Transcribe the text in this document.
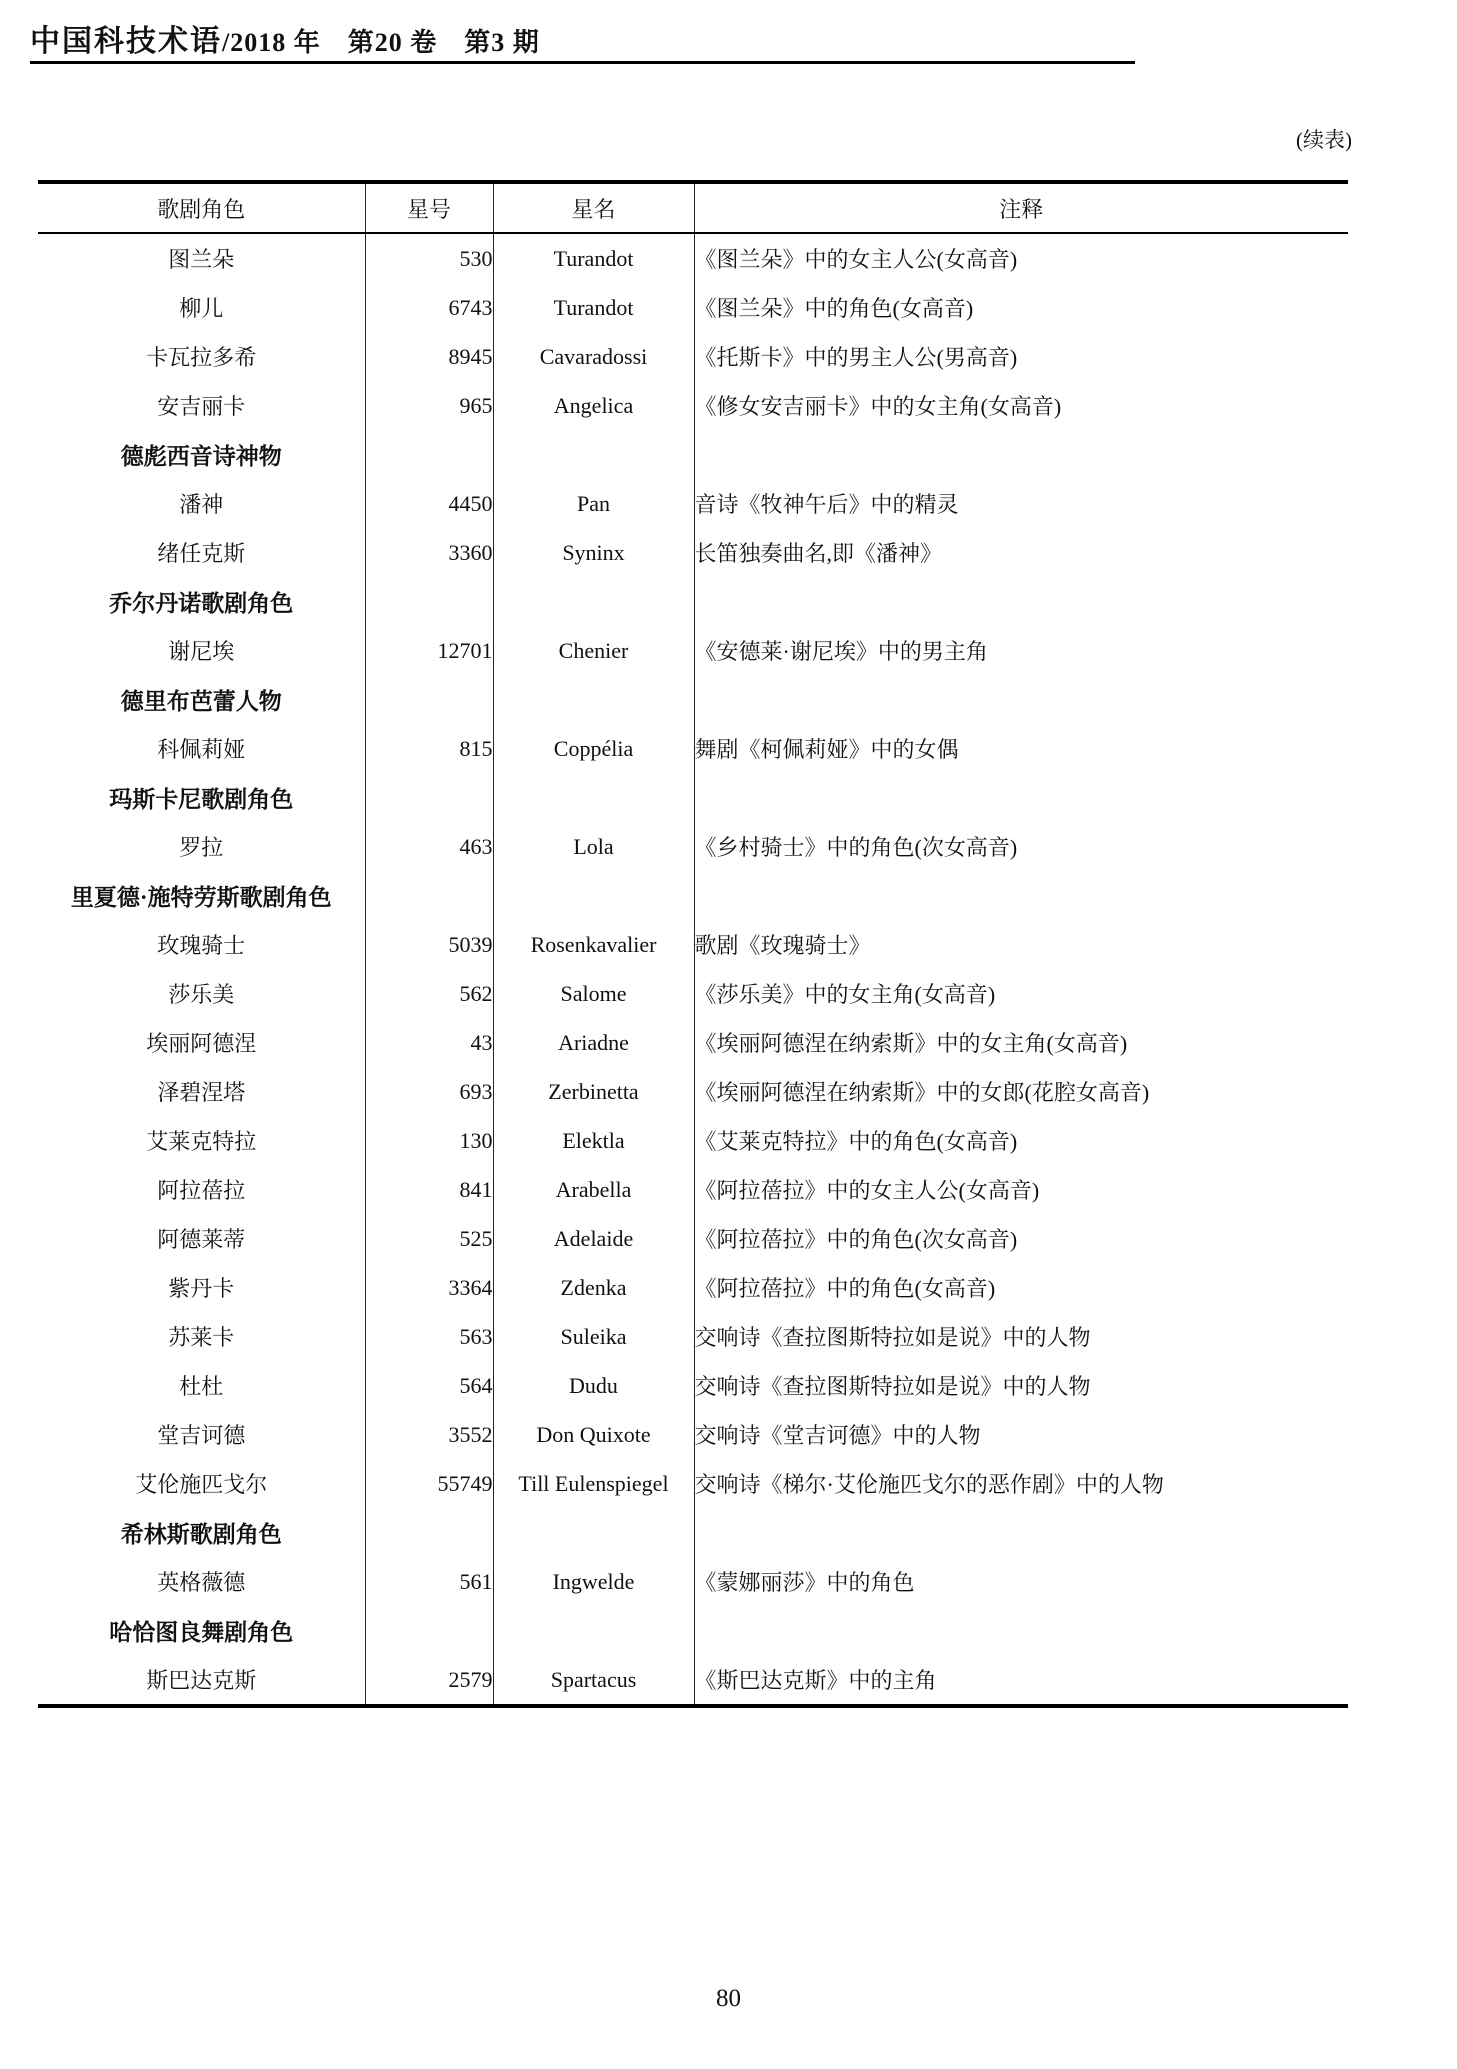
中国科技术语/2018 年　第20 卷　第3 期
(续表)
歌剧角色	星号	星名	注释
图兰朵	530	Turandot	《图兰朵》中的女主人公(女高音)
柳儿	6743	Turandot	《图兰朵》中的角色(女高音)
卡瓦拉多希	8945	Cavaradossi	《托斯卡》中的男主人公(男高音)
安吉丽卡	965	Angelica	《修女安吉丽卡》中的女主角(女高音)
德彪西音诗神物			
潘神	4450	Pan	音诗《牧神午后》中的精灵
绪任克斯	3360	Syninx	长笛独奏曲名,即《潘神》
乔尔丹诺歌剧角色			
谢尼埃	12701	Chenier	《安德莱·谢尼埃》中的男主角
德里布芭蕾人物			
科佩莉娅	815	Coppélia	舞剧《柯佩莉娅》中的女偶
玛斯卡尼歌剧角色			
罗拉	463	Lola	《乡村骑士》中的角色(次女高音)
里夏德·施特劳斯歌剧角色			
玫瑰骑士	5039	Rosenkavalier	歌剧《玫瑰骑士》
莎乐美	562	Salome	《莎乐美》中的女主角(女高音)
埃丽阿德涅	43	Ariadne	《埃丽阿德涅在纳索斯》中的女主角(女高音)
泽碧涅塔	693	Zerbinetta	《埃丽阿德涅在纳索斯》中的女郎(花腔女高音)
艾莱克特拉	130	Elektla	《艾莱克特拉》中的角色(女高音)
阿拉蓓拉	841	Arabella	《阿拉蓓拉》中的女主人公(女高音)
阿德莱蒂	525	Adelaide	《阿拉蓓拉》中的角色(次女高音)
紫丹卡	3364	Zdenka	《阿拉蓓拉》中的角色(女高音)
苏莱卡	563	Suleika	交响诗《查拉图斯特拉如是说》中的人物
杜杜	564	Dudu	交响诗《查拉图斯特拉如是说》中的人物
堂吉诃德	3552	Don Quixote	交响诗《堂吉诃德》中的人物
艾伦施匹戈尔	55749	Till Eulenspiegel	交响诗《梯尔·艾伦施匹戈尔的恶作剧》中的人物
希林斯歌剧角色			
英格薇德	561	Ingwelde	《蒙娜丽莎》中的角色
哈恰图良舞剧角色			
斯巴达克斯	2579	Spartacus	《斯巴达克斯》中的主角
80
